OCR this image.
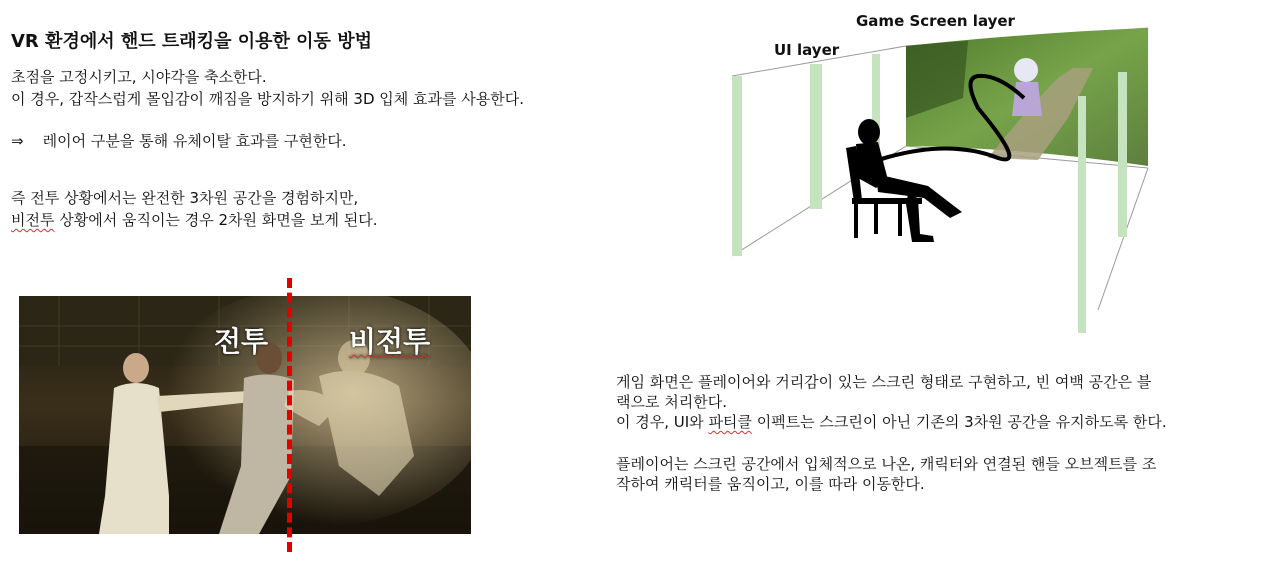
VR 환경에서 핸드 트래킹을 이용한 이동 방법
초점을 고정시키고, 시야각을 축소한다.
이 경우, 갑작스럽게 몰입감이 깨짐을 방지하기 위해 3D 입체 효과를 사용한다.
⇒ 레이어 구분을 통해 유체이탈 효과를 구현한다.
즉 전투 상황에서는 완전한 3차원 공간을 경험하지만,
비전투 상황에서 움직이는 경우 2차원 화면을 보게 된다.
전투	비전투
Game Screen layer
UI layer
게임 화면은 플레이어와 거리감이 있는 스크린 형태로 구현하고, 빈 여백 공간은 블
랙으로 처리한다.
이 경우, UI와 파티클 이펙트는 스크린이 아닌 기존의 3차원 공간을 유지하도록 한다.
플레이어는 스크린 공간에서 입체적으로 나온, 캐릭터와 연결된 핸들 오브젝트를 조
작하여 캐릭터를 움직이고, 이를 따라 이동한다.
